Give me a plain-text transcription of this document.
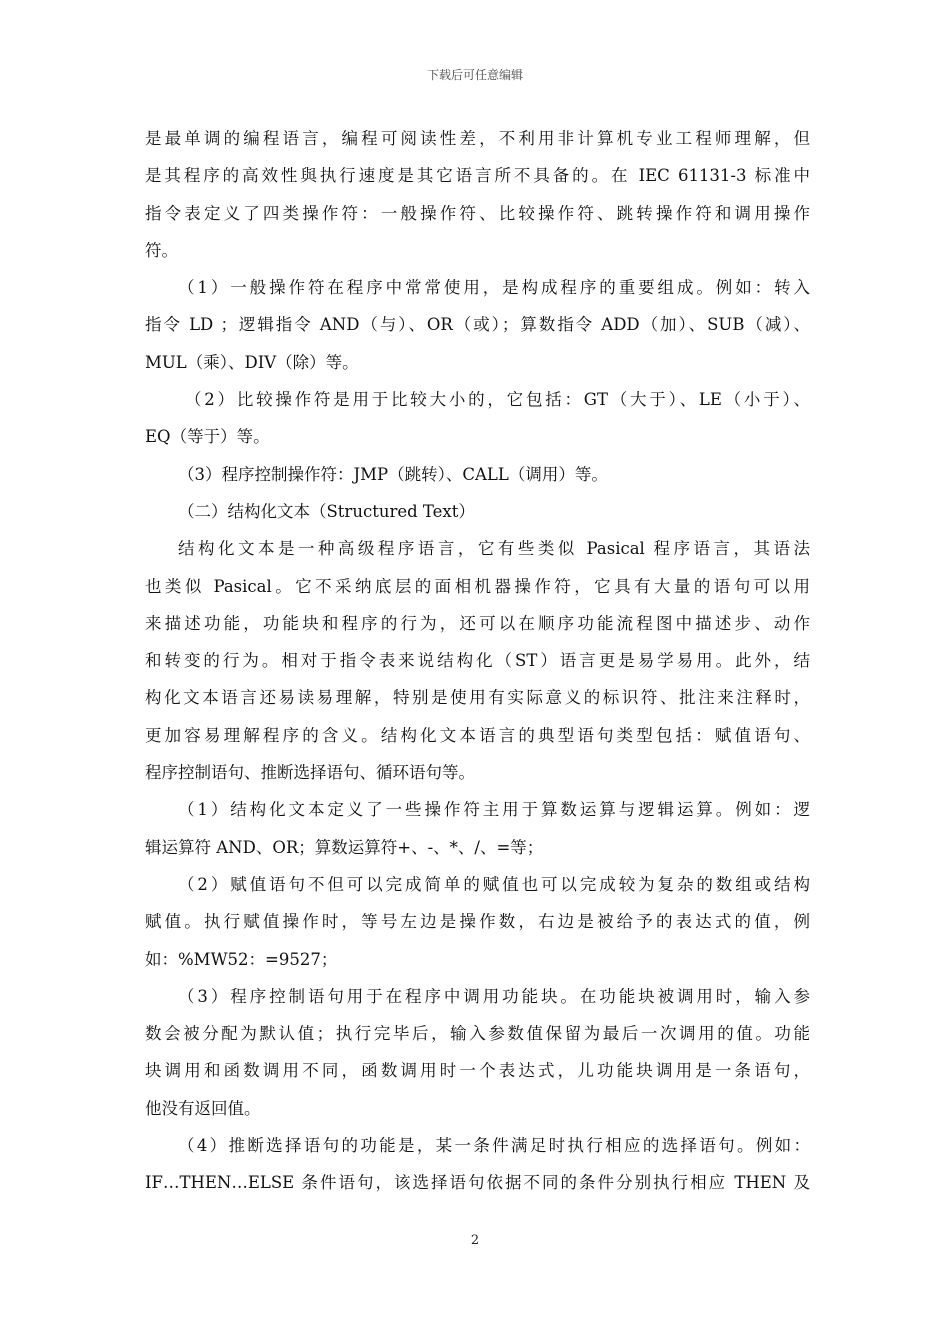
下载后可任意编辑
是最单调的编程语言，编程可阅读性差，不利用非计算机专业工程师理解，但
是其程序的高效性與执行速度是其它语言所不具备的。在 IEC 61131-3 标准中
指令表定义了四类操作符：一般操作符、比较操作符、跳转操作符和调用操作
符。
（1）一般操作符在程序中常常使用，是构成程序的重要组成。例如：转入
指令 LD ；逻辑指令 AND（与）、OR（或）；算数指令 ADD（加）、SUB（减）、
MUL（乘）、DIV（除）等。
（2）比较操作符是用于比较大小的，它包括：GT（大于）、LE（小于）、
EQ（等于）等。
（3）程序控制操作符：JMP（跳转）、CALL（调用）等。
（二）结构化文本（Structured Text）
结构化文本是一种高级程序语言，它有些类似 Pasical 程序语言，其语法
也类似 Pasical。它不采纳底层的面相机器操作符，它具有大量的语句可以用
来描述功能，功能块和程序的行为，还可以在顺序功能流程图中描述步、动作
和转变的行为。相对于指令表来说结构化（ST）语言更是易学易用。此外，结
构化文本语言还易读易理解，特别是使用有实际意义的标识符、批注来注释时，
更加容易理解程序的含义。结构化文本语言的典型语句类型包括：赋值语句、
程序控制语句、推断选择语句、循环语句等。
（1）结构化文本定义了一些操作符主用于算数运算与逻辑运算。例如：逻
辑运算符 AND、OR；算数运算符+、-、*、/、=等；
（2）赋值语句不但可以完成简单的赋值也可以完成较为复杂的数组或结构
赋值。执行赋值操作时，等号左边是操作数，右边是被给予的表达式的值，例
如：%MW52：=9527；
（3）程序控制语句用于在程序中调用功能块。在功能块被调用时，输入参
数会被分配为默认值；执行完毕后，输入参数值保留为最后一次调用的值。功能
块调用和函数调用不同，函数调用时一个表达式，儿功能块调用是一条语句，
他没有返回值。
（4）推断选择语句的功能是，某一条件满足时执行相应的选择语句。例如：
IF…THEN…ELSE 条件语句，该选择语句依据不同的条件分别执行相应 THEN 及
2
